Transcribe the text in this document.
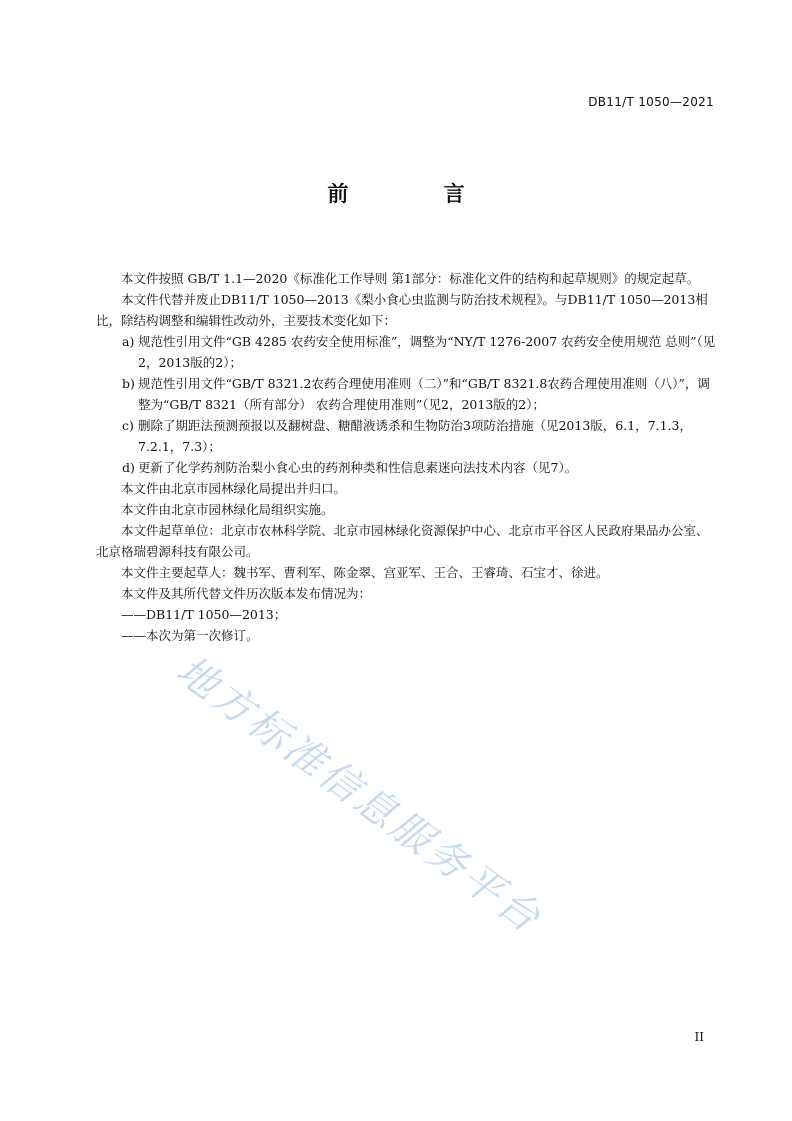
DB11/T 1050—2021
前 言

本文件按照 GB/T 1.1—2020《标准化工作导则 第1部分：标准化文件的结构和起草规则》的规定起草。

本文件代替并废止DB11/T 1050—2013《梨小食心虫监测与防治技术规程》。与DB11/T 1050—2013相比，除结构调整和编辑性改动外，主要技术变化如下：

a) 规范性引用文件“GB 4285 农药安全使用标准”，调整为“NY/T 1276-2007 农药安全使用规范 总则”（见2，2013版的2）；
b) 规范性引用文件“GB/T 8321.2农药合理使用准则（二）”和“GB/T 8321.8农药合理使用准则（八）”，调整为“GB/T 8321（所有部分） 农药合理使用准则”（见2，2013版的2）；
c) 删除了期距法预测预报以及翻树盘、糖醋液诱杀和生物防治3项防治措施（见2013版，6.1，7.1.3，7.2.1，7.3）；
d) 更新了化学药剂防治梨小食心虫的药剂种类和性信息素迷向法技术内容（见7）。

本文件由北京市园林绿化局提出并归口。

本文件由北京市园林绿化局组织实施。

本文件起草单位：北京市农林科学院、北京市园林绿化资源保护中心、北京市平谷区人民政府果品办公室、北京格瑞碧源科技有限公司。

本文件主要起草人：魏书军、曹利军、陈金翠、宫亚军、王合、王睿琦、石宝才、徐进。

本文件及其所代替文件历次版本发布情况为：

——DB11/T 1050—2013；

——本次为第一次修订。

地方标准信息服务平台
II
